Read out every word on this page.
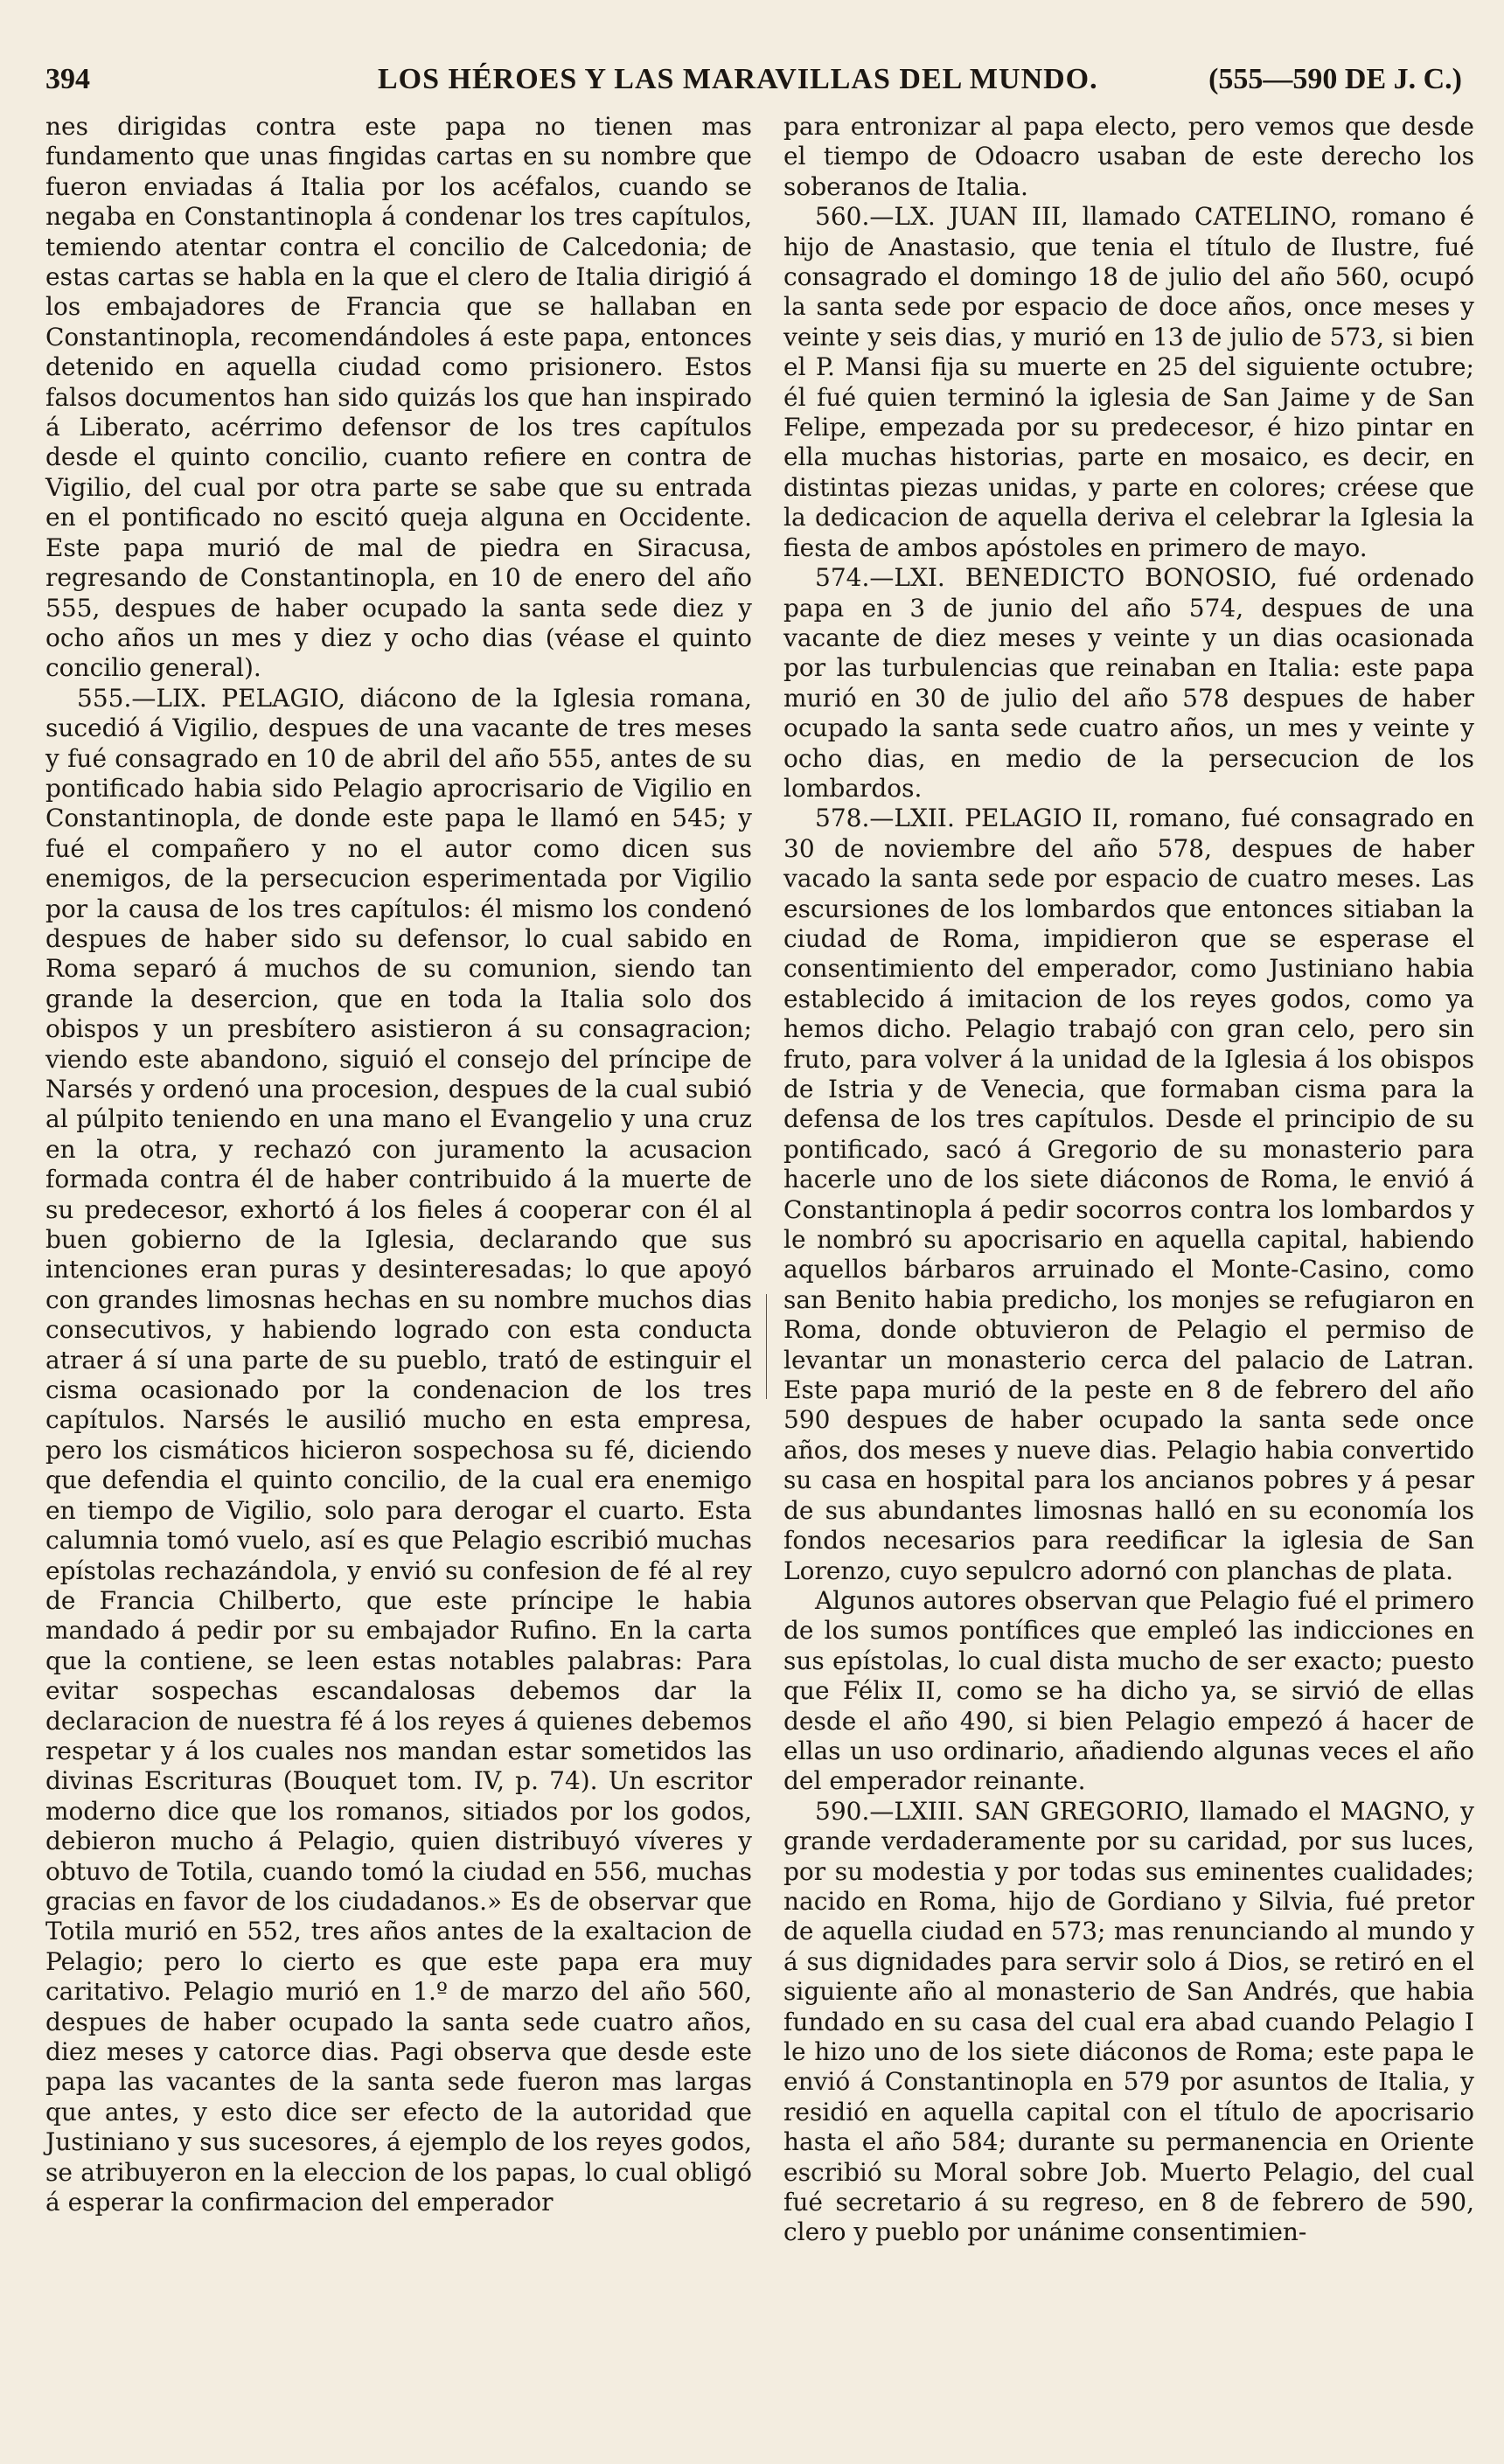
394	LOS HÉROES Y LAS MARAVILLAS DEL MUNDO.	(555—590 DE J. C.)

nes dirigidas contra este papa no tienen mas fundamento que unas fingidas cartas en su nombre que fueron enviadas á Italia por los acéfalos, cuando se negaba en Constantinopla á condenar los tres capítulos, temiendo atentar contra el concilio de Calcedonia; de estas cartas se habla en la que el clero de Italia dirigió á los embajadores de Francia que se hallaban en Constantinopla, recomendándoles á este papa, entonces detenido en aquella ciudad como prisionero. Estos falsos documentos han sido quizás los que han inspirado á Liberato, acérrimo defensor de los tres capítulos desde el quinto concilio, cuanto refiere en contra de Vigilio, del cual por otra parte se sabe que su entrada en el pontificado no escitó queja alguna en Occidente. Este papa murió de mal de piedra en Siracusa, regresando de Constantinopla, en 10 de enero del año 555, despues de haber ocupado la santa sede diez y ocho años un mes y diez y ocho dias (véase el quinto concilio general).

555.—LIX. PELAGIO, diácono de la Iglesia romana, sucedió á Vigilio, despues de una vacante de tres meses y fué consagrado en 10 de abril del año 555, antes de su pontificado habia sido Pelagio aprocrisario de Vigilio en Constantinopla, de donde este papa le llamó en 545; y fué el compañero y no el autor como dicen sus enemigos, de la persecucion esperimentada por Vigilio por la causa de los tres capítulos: él mismo los condenó despues de haber sido su defensor, lo cual sabido en Roma separó á muchos de su comunion, siendo tan grande la desercion, que en toda la Italia solo dos obispos y un presbítero asistieron á su consagracion; viendo este abandono, siguió el consejo del príncipe de Narsés y ordenó una procesion, despues de la cual subió al púlpito teniendo en una mano el Evangelio y una cruz en la otra, y rechazó con juramento la acusacion formada contra él de haber contribuido á la muerte de su predecesor, exhortó á los fieles á cooperar con él al buen gobierno de la Iglesia, declarando que sus intenciones eran puras y desinteresadas; lo que apoyó con grandes limosnas hechas en su nombre muchos dias consecutivos, y habiendo logrado con esta conducta atraer á sí una parte de su pueblo, trató de estinguir el cisma ocasionado por la condenacion de los tres capítulos. Narsés le ausilió mucho en esta empresa, pero los cismáticos hicieron sospechosa su fé, diciendo que defendia el quinto concilio, de la cual era enemigo en tiempo de Vigilio, solo para derogar el cuarto. Esta calumnia tomó vuelo, así es que Pelagio escribió muchas epístolas rechazándola, y envió su confesion de fé al rey de Francia Chilberto, que este príncipe le habia mandado á pedir por su embajador Rufino. En la carta que la contiene, se leen estas notables palabras: Para evitar sospechas escandalosas debemos dar la declaracion de nuestra fé á los reyes á quienes debemos respetar y á los cuales nos mandan estar sometidos las divinas Escrituras (Bouquet tom. IV, p. 74). Un escritor moderno dice que los romanos, sitiados por los godos, debieron mucho á Pelagio, quien distribuyó víveres y obtuvo de Totila, cuando tomó la ciudad en 556, muchas gracias en favor de los ciudadanos.» Es de observar que Totila murió en 552, tres años antes de la exaltacion de Pelagio; pero lo cierto es que este papa era muy caritativo. Pelagio murió en 1.º de marzo del año 560, despues de haber ocupado la santa sede cuatro años, diez meses y catorce dias. Pagi observa que desde este papa las vacantes de la santa sede fueron mas largas que antes, y esto dice ser efecto de la autoridad que Justiniano y sus sucesores, á ejemplo de los reyes godos, se atribuyeron en la eleccion de los papas, lo cual obligó á esperar la confirmacion del emperador

para entronizar al papa electo, pero vemos que desde el tiempo de Odoacro usaban de este derecho los soberanos de Italia.

560.—LX. JUAN III, llamado CATELINO, romano é hijo de Anastasio, que tenia el título de Ilustre, fué consagrado el domingo 18 de julio del año 560, ocupó la santa sede por espacio de doce años, once meses y veinte y seis dias, y murió en 13 de julio de 573, si bien el P. Mansi fija su muerte en 25 del siguiente octubre; él fué quien terminó la iglesia de San Jaime y de San Felipe, empezada por su predecesor, é hizo pintar en ella muchas historias, parte en mosaico, es decir, en distintas piezas unidas, y parte en colores; créese que la dedicacion de aquella deriva el celebrar la Iglesia la fiesta de ambos apóstoles en primero de mayo.

574.—LXI. BENEDICTO BONOSIO, fué ordenado papa en 3 de junio del año 574, despues de una vacante de diez meses y veinte y un dias ocasionada por las turbulencias que reinaban en Italia: este papa murió en 30 de julio del año 578 despues de haber ocupado la santa sede cuatro años, un mes y veinte y ocho dias, en medio de la persecucion de los lombardos.

578.—LXII. PELAGIO II, romano, fué consagrado en 30 de noviembre del año 578, despues de haber vacado la santa sede por espacio de cuatro meses. Las escursiones de los lombardos que entonces sitiaban la ciudad de Roma, impidieron que se esperase el consentimiento del emperador, como Justiniano habia establecido á imitacion de los reyes godos, como ya hemos dicho. Pelagio trabajó con gran celo, pero sin fruto, para volver á la unidad de la Iglesia á los obispos de Istria y de Venecia, que formaban cisma para la defensa de los tres capítulos. Desde el principio de su pontificado, sacó á Gregorio de su monasterio para hacerle uno de los siete diáconos de Roma, le envió á Constantinopla á pedir socorros contra los lombardos y le nombró su apocrisario en aquella capital, habiendo aquellos bárbaros arruinado el Monte-Casino, como san Benito habia predicho, los monjes se refugiaron en Roma, donde obtuvieron de Pelagio el permiso de levantar un monasterio cerca del palacio de Latran. Este papa murió de la peste en 8 de febrero del año 590 despues de haber ocupado la santa sede once años, dos meses y nueve dias. Pelagio habia convertido su casa en hospital para los ancianos pobres y á pesar de sus abundantes limosnas halló en su economía los fondos necesarios para reedificar la iglesia de San Lorenzo, cuyo sepulcro adornó con planchas de plata.

Algunos autores observan que Pelagio fué el primero de los sumos pontífices que empleó las indicciones en sus epístolas, lo cual dista mucho de ser exacto; puesto que Félix II, como se ha dicho ya, se sirvió de ellas desde el año 490, si bien Pelagio empezó á hacer de ellas un uso ordinario, añadiendo algunas veces el año del emperador reinante.

590.—LXIII. SAN GREGORIO, llamado el MAGNO, y grande verdaderamente por su caridad, por sus luces, por su modestia y por todas sus eminentes cualidades; nacido en Roma, hijo de Gordiano y Silvia, fué pretor de aquella ciudad en 573; mas renunciando al mundo y á sus dignidades para servir solo á Dios, se retiró en el siguiente año al monasterio de San Andrés, que habia fundado en su casa del cual era abad cuando Pelagio I le hizo uno de los siete diáconos de Roma; este papa le envió á Constantinopla en 579 por asuntos de Italia, y residió en aquella capital con el título de apocrisario hasta el año 584; durante su permanencia en Oriente escribió su Moral sobre Job. Muerto Pelagio, del cual fué secretario á su regreso, en 8 de febrero de 590, clero y pueblo por unánime consentimien-
